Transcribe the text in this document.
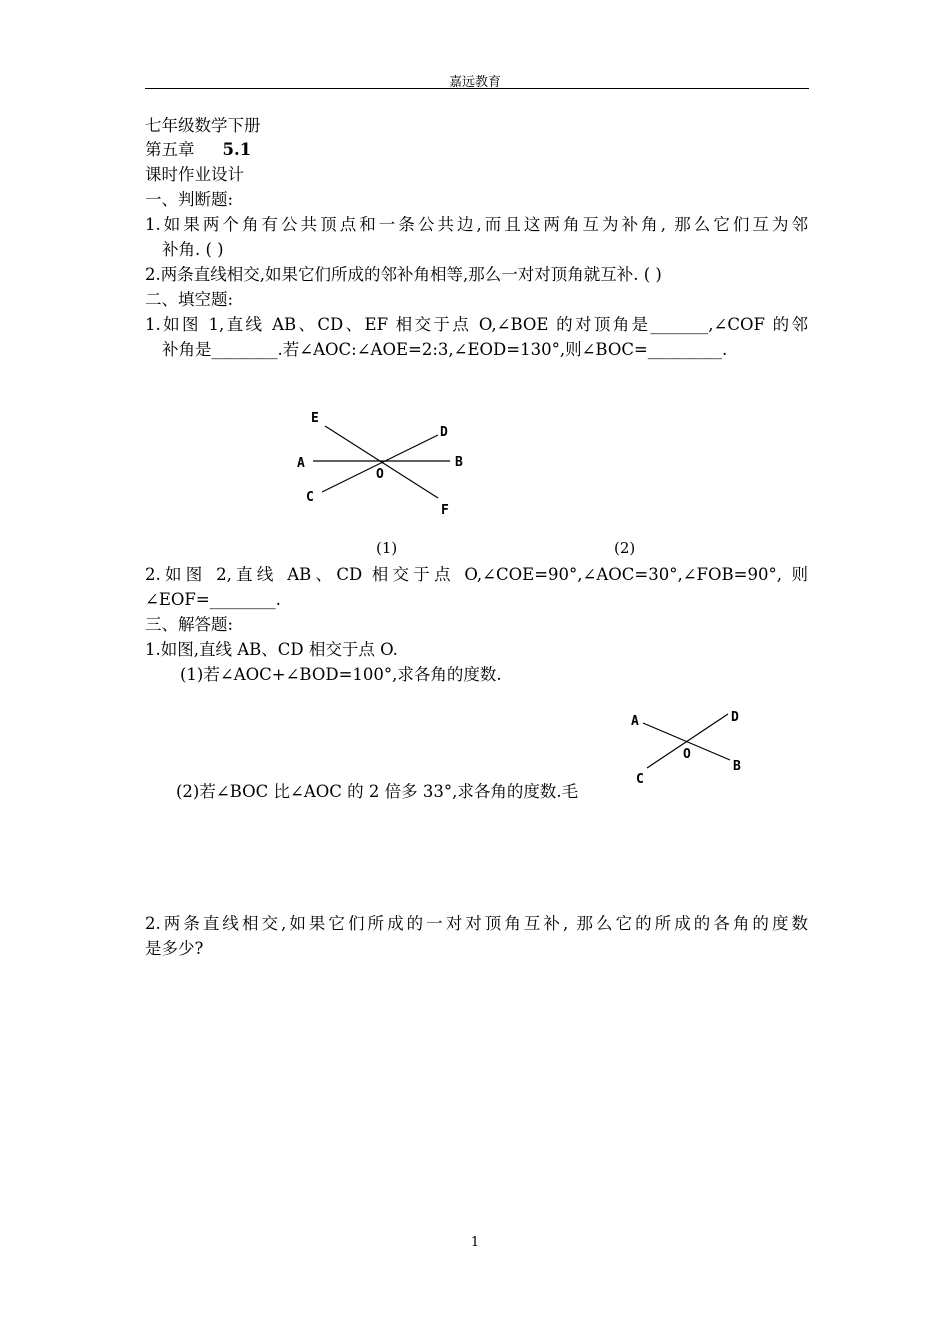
嘉远教育
七年级数学下册
第五章 5.1
课时作业设计
一、判断题:
1.如果两个角有公共顶点和一条公共边,而且这两角互为补角, 那么它们互为邻
补角. ( )
2.两条直线相交,如果它们所成的邻补角相等,那么一对对顶角就互补. ( )
二、填空题:
1.如图 1,直线 AB、CD、EF 相交于点 O,∠BOE 的对顶角是_______,∠COF 的邻
补角是________.若∠AOC:∠AOE=2:3,∠EOD=130°,则∠BOC=_________.
E
D
A	B
O
C
F
(1)	(2)
2.如图 2,直线 AB、CD 相交于点 O,∠COE=90°,∠AOC=30°,∠FOB=90°, 则
∠EOF=________.
三、解答题:
1.如图,直线 AB、CD 相交于点 O.
(1)若∠AOC+∠BOD=100°,求各角的度数.
A	D
O
B
C
(2)若∠BOC 比∠AOC 的 2 倍多 33°,求各角的度数.毛
2.两条直线相交,如果它们所成的一对对顶角互补, 那么它的所成的各角的度数
是多少?
1
